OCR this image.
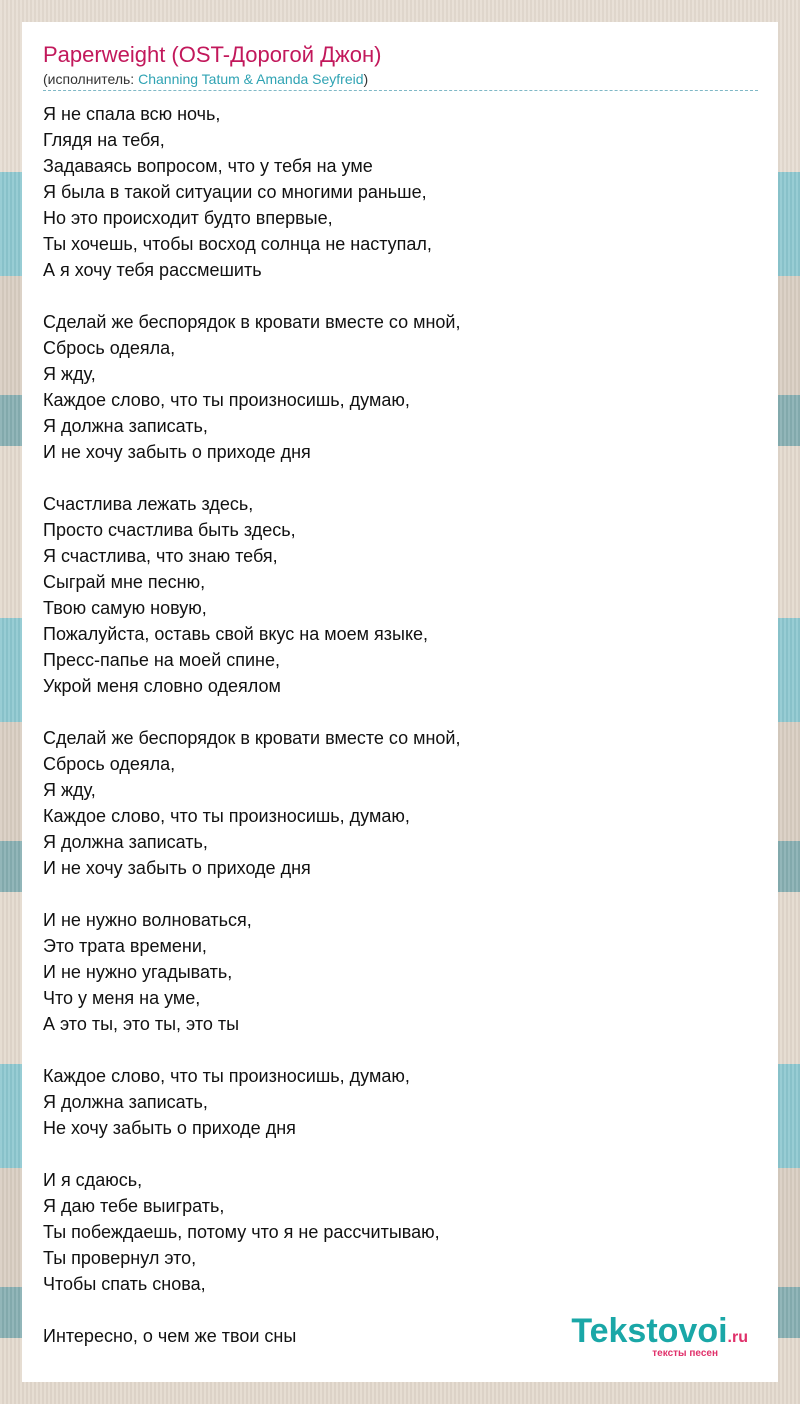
Paperweight (OST-Дорогой Джон)
(исполнитель: Channing Tatum & Amanda Seyfreid)
Я не спала всю ночь,
Глядя на тебя,
Задаваясь вопросом, что у тебя на уме
Я была в такой ситуации со многими раньше,
Но это происходит будто впервые,
Ты хочешь, чтобы восход солнца не наступал,
А я хочу тебя рассмешить
Сделай же беспорядок в кровати вместе со мной,
Сбрось одеяла,
Я жду,
Каждое слово, что ты произносишь, думаю,
Я должна записать,
И не хочу забыть о приходе дня
Счастлива лежать здесь,
Просто счастлива быть здесь,
Я счастлива, что знаю тебя,
Сыграй мне песню,
Твою самую новую,
Пожалуйста, оставь свой вкус на моем языке,
Пресс-папье на моей спине,
Укрой меня словно одеялом
Сделай же беспорядок в кровати вместе со мной,
Сбрось одеяла,
Я жду,
Каждое слово, что ты произносишь, думаю,
Я должна записать,
И не хочу забыть о приходе дня
И не нужно волноваться,
Это трата времени,
И не нужно угадывать,
Что у меня на уме,
А это ты, это ты, это ты
Каждое слово, что ты произносишь, думаю,
Я должна записать,
Не хочу забыть о приходе дня
И я сдаюсь,
Я даю тебе выиграть,
Ты побеждаешь, потому что я не рассчитываю,
Ты провернул это,
Чтобы спать снова,
Интересно, о чем же твои сны	Tekstovoi.ru
тексты песен
